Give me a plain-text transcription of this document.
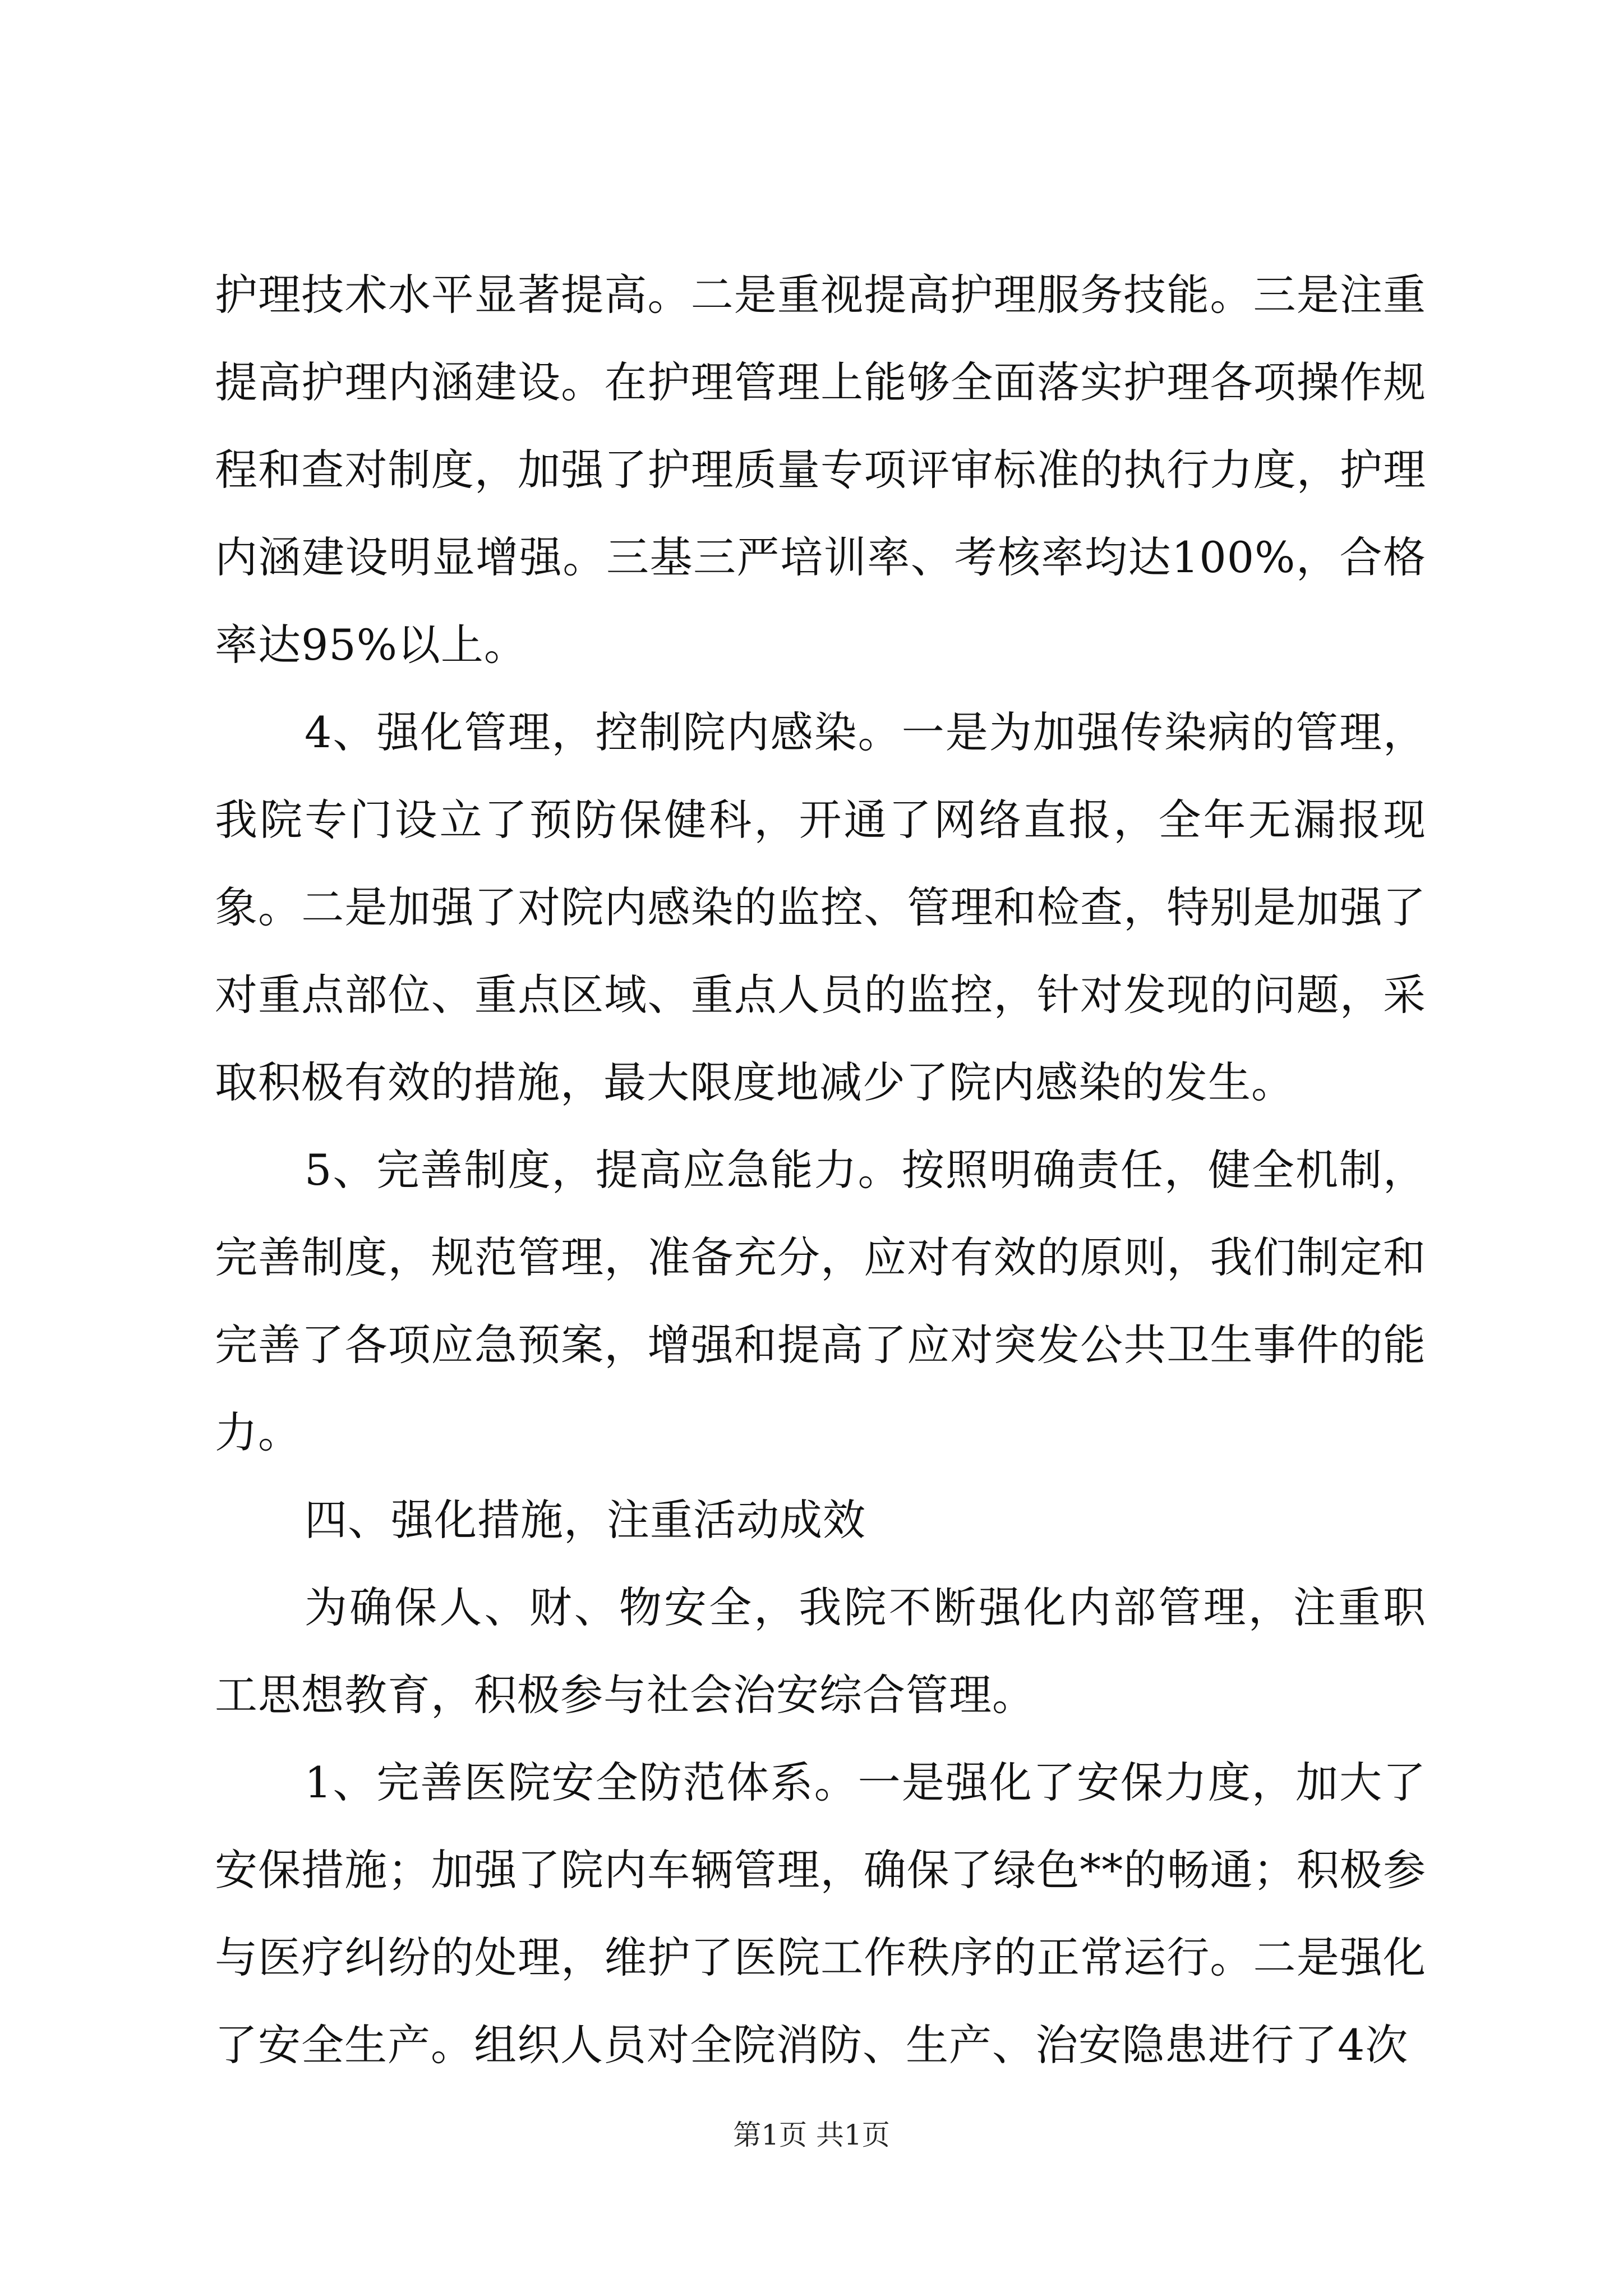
护理技术水平显著提高。二是重视提高护理服务技能。三是注重提高护理内涵建设。在护理管理上能够全面落实护理各项操作规程和查对制度，加强了护理质量专项评审标准的执行力度，护理内涵建设明显增强。三基三严培训率、考核率均达100%，合格率达95%以上。

4、强化管理，控制院内感染。一是为加强传染病的管理，我院专门设立了预防保健科，开通了网络直报，全年无漏报现象。二是加强了对院内感染的监控、管理和检查，特别是加强了对重点部位、重点区域、重点人员的监控，针对发现的问题，采取积极有效的措施，最大限度地减少了院内感染的发生。

5、完善制度，提高应急能力。按照明确责任，健全机制，完善制度，规范管理，准备充分，应对有效的原则，我们制定和完善了各项应急预案，增强和提高了应对突发公共卫生事件的能力。

四、强化措施，注重活动成效

为确保人、财、物安全，我院不断强化内部管理，注重职工思想教育，积极参与社会治安综合管理。

1、完善医院安全防范体系。一是强化了安保力度，加大了安保措施；加强了院内车辆管理，确保了绿色**的畅通；积极参与医疗纠纷的处理，维护了医院工作秩序的正常运行。二是强化了安全生产。组织人员对全院消防、生产、治安隐患进行了4次

第1页 共1页
